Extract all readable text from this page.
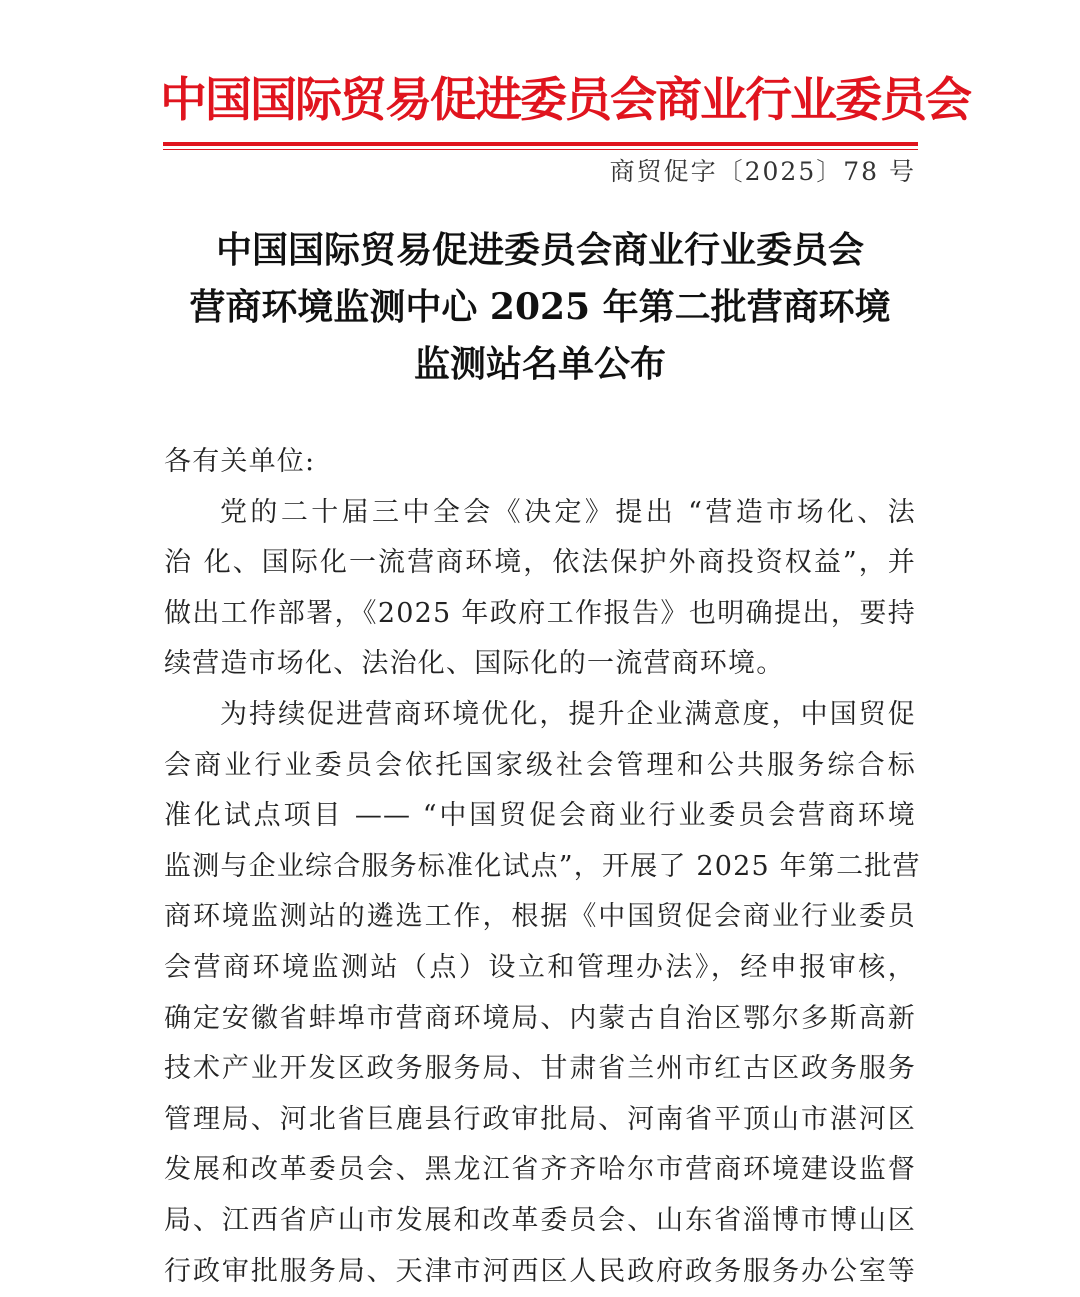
中国国际贸易促进委员会商业行业委员会
商贸促字〔2025〕78 号
中国国际贸易促进委员会商业行业委员会
营商环境监测中心 2025 年第二批营商环境
监测站名单公布
各有关单位:
党的二十届三中全会《决定》提出 “营造市场化、法
治 化、国际化一流营商环境，依法保护外商投资权益”，并
做出工作部署，《2025 年政府工作报告》也明确提出，要持
续营造市场化、法治化、国际化的一流营商环境。
为持续促进营商环境优化，提升企业满意度，中国贸促
会商业行业委员会依托国家级社会管理和公共服务综合标
准化试点项目 —— “中国贸促会商业行业委员会营商环境
监测与企业综合服务标准化试点”，开展了 2025 年第二批营
商环境监测站的遴选工作，根据《中国贸促会商业行业委员
会营商环境监测站（点）设立和管理办法》，经申报审核，
确定安徽省蚌埠市营商环境局、内蒙古自治区鄂尔多斯高新
技术产业开发区政务服务局、甘肃省兰州市红古区政务服务
管理局、河北省巨鹿县行政审批局、河南省平顶山市湛河区
发展和改革委员会、黑龙江省齐齐哈尔市营商环境建设监督
局、江西省庐山市发展和改革委员会、山东省淄博市博山区
行政审批服务局、天津市河西区人民政府政务服务办公室等
